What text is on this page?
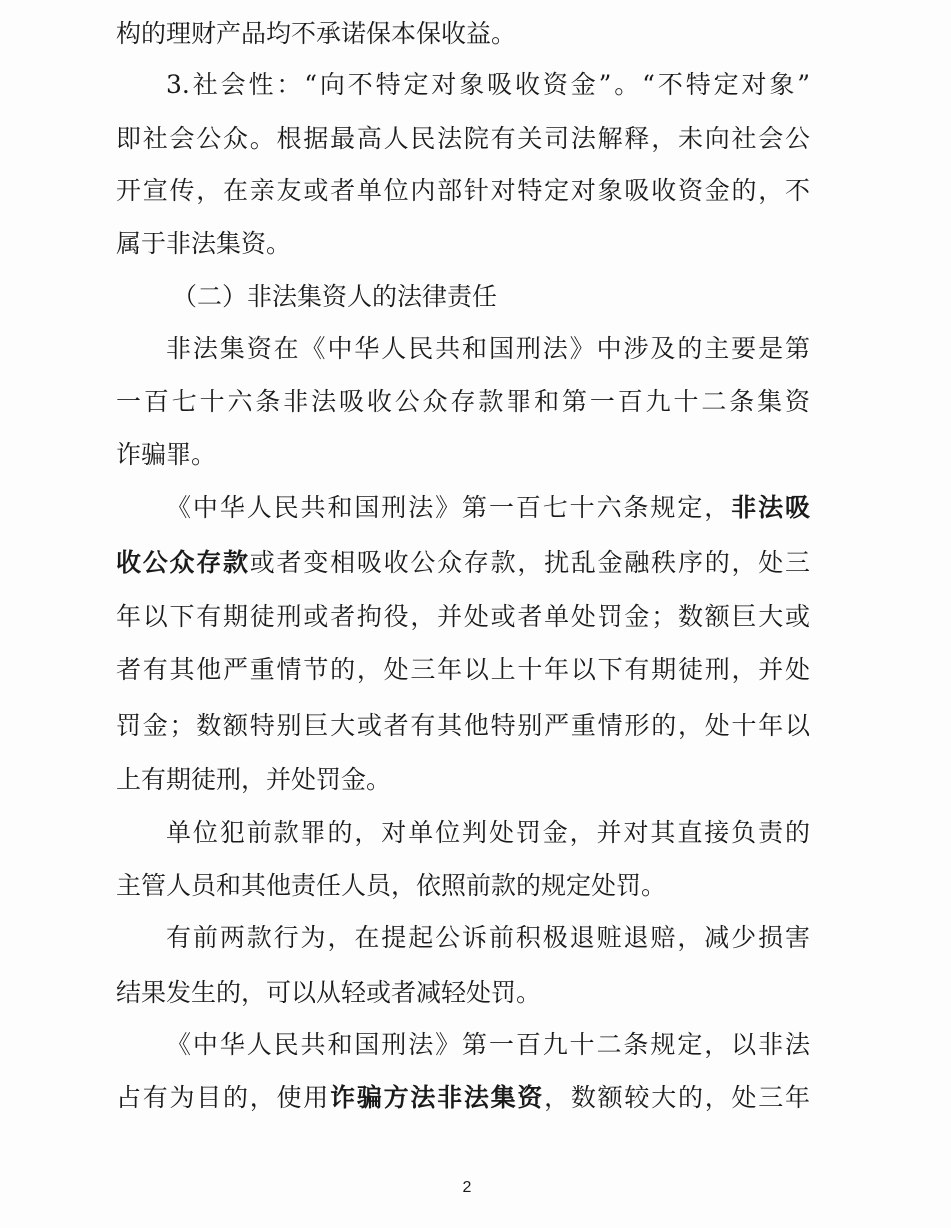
构的理财产品均不承诺保本保收益。
3.社会性：“向不特定对象吸收资金”。“不特定对象”
即社会公众。根据最高人民法院有关司法解释，未向社会公
开宣传，在亲友或者单位内部针对特定对象吸收资金的，不
属于非法集资。
（二）非法集资人的法律责任
非法集资在《中华人民共和国刑法》中涉及的主要是第
一百七十六条非法吸收公众存款罪和第一百九十二条集资
诈骗罪。
《中华人民共和国刑法》第一百七十六条规定，非法吸
收公众存款或者变相吸收公众存款，扰乱金融秩序的，处三
年以下有期徒刑或者拘役，并处或者单处罚金；数额巨大或
者有其他严重情节的，处三年以上十年以下有期徒刑，并处
罚金；数额特别巨大或者有其他特别严重情形的，处十年以
上有期徒刑，并处罚金。
单位犯前款罪的，对单位判处罚金，并对其直接负责的
主管人员和其他责任人员，依照前款的规定处罚。
有前两款行为，在提起公诉前积极退赃退赔，减少损害
结果发生的，可以从轻或者减轻处罚。
《中华人民共和国刑法》第一百九十二条规定，以非法
占有为目的，使用诈骗方法非法集资，数额较大的，处三年
2
